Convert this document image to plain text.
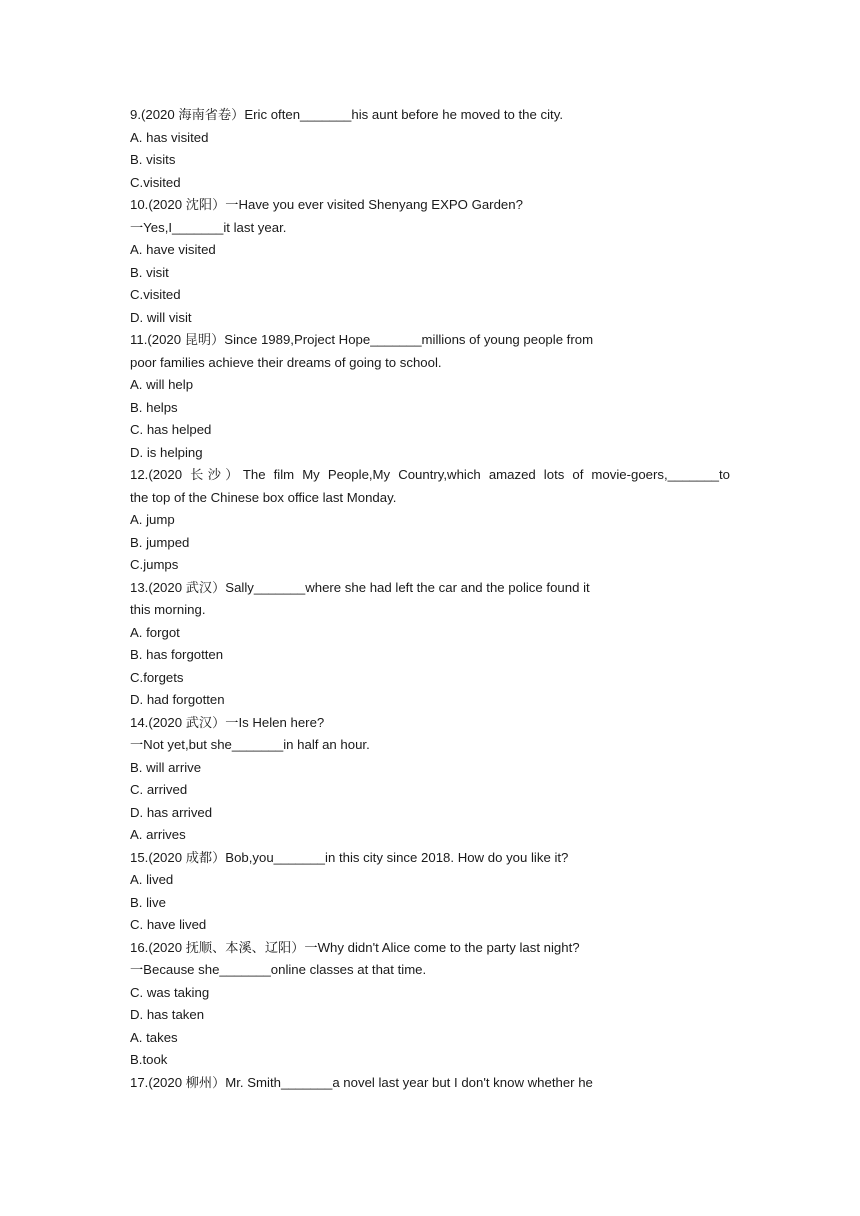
9.(2020 海南省卷）Eric often_______his aunt before he moved to the city.
A. has visited
B. visits
C.visited
10.(2020 沈阳）一Have you ever visited Shenyang EXPO Garden?
一Yes,I_______it last year.
A. have visited
B. visit
C.visited
D. will visit
11.(2020 昆明）Since 1989,Project Hope_______millions of young people from
poor families achieve their dreams of going to school.
A. will help
B. helps
C. has helped
D. is helping
12.(2020 长沙）The film My People,My Country,which amazed lots of movie-goers,_______to
the top of the Chinese box office last Monday.
A. jump
B. jumped
C.jumps
13.(2020 武汉）Sally_______where she had left the car and the police found it
this morning.
A. forgot
B. has forgotten
C.forgets
D. had forgotten
14.(2020 武汉）一Is Helen here?
一Not yet,but she_______in half an hour.
B. will arrive
C. arrived
D. has arrived
A. arrives
15.(2020 成都）Bob,you_______in this city since 2018. How do you like it?
A. lived
B. live
C. have lived
16.(2020 抚顺、本溪、辽阳）一Why didn't Alice come to the party last night?
一Because she_______online classes at that time.
C. was taking
D. has taken
A. takes
B.took
17.(2020 柳州）Mr. Smith_______a novel last year but I don't know whether he
